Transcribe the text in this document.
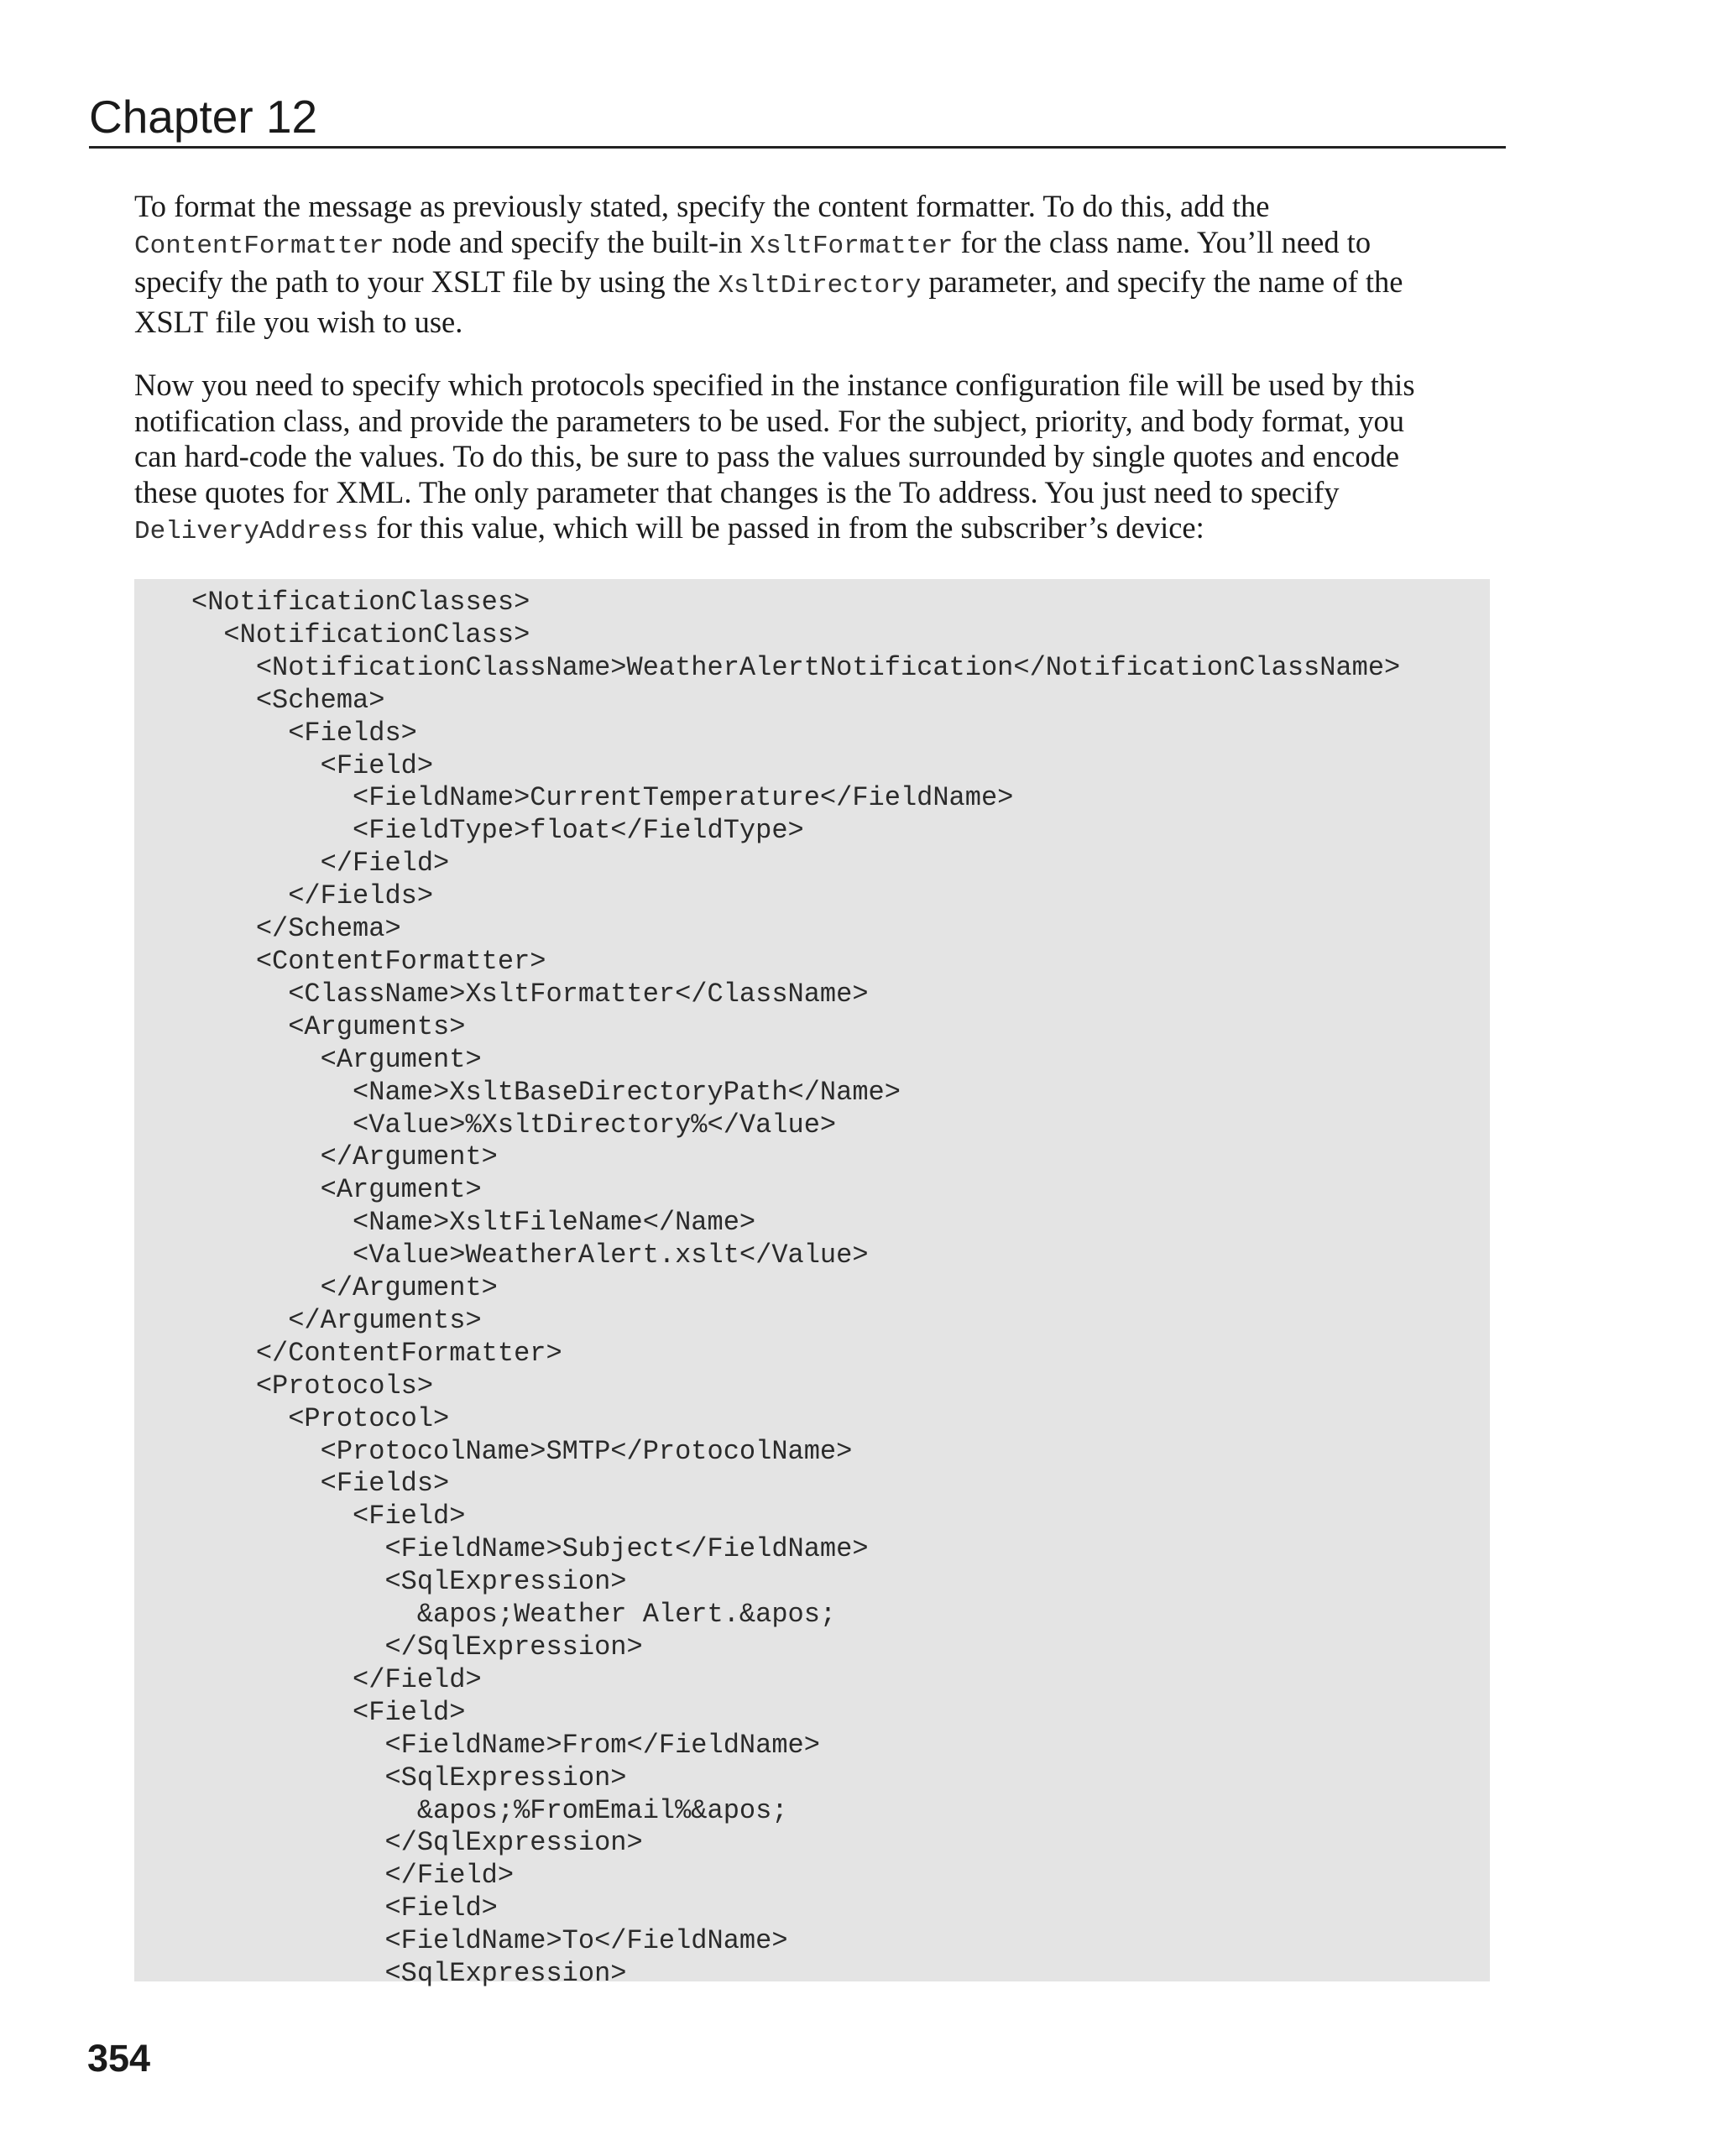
Chapter 12
To format the message as previously stated, specify the content formatter. To do this, add the
ContentFormatter node and specify the built-in XsltFormatter for the class name. You’ll need to
specify the path to your XSLT file by using the XsltDirectory parameter, and specify the name of the
XSLT file you wish to use.
Now you need to specify which protocols specified in the instance configuration file will be used by this
notification class, and provide the parameters to be used. For the subject, priority, and body format, you
can hard-code the values. To do this, be sure to pass the values surrounded by single quotes and encode
these quotes for XML. The only parameter that changes is the To address. You just need to specify
DeliveryAddress for this value, which will be passed in from the subscriber’s device:
<NotificationClasses>
<NotificationClass>
<NotificationClassName>WeatherAlertNotification</NotificationClassName>
<Schema>
<Fields>
<Field>
<FieldName>CurrentTemperature</FieldName>
<FieldType>float</FieldType>
</Field>
</Fields>
</Schema>
<ContentFormatter>
<ClassName>XsltFormatter</ClassName>
<Arguments>
<Argument>
<Name>XsltBaseDirectoryPath</Name>
<Value>%XsltDirectory%</Value>
</Argument>
<Argument>
<Name>XsltFileName</Name>
<Value>WeatherAlert.xslt</Value>
</Argument>
</Arguments>
</ContentFormatter>
<Protocols>
<Protocol>
<ProtocolName>SMTP</ProtocolName>
<Fields>
<Field>
<FieldName>Subject</FieldName>
<SqlExpression>
&apos;Weather Alert.&apos;
</SqlExpression>
</Field>
<Field>
<FieldName>From</FieldName>
<SqlExpression>
&apos;%FromEmail%&apos;
</SqlExpression>
</Field>
<Field>
<FieldName>To</FieldName>
<SqlExpression>
354
